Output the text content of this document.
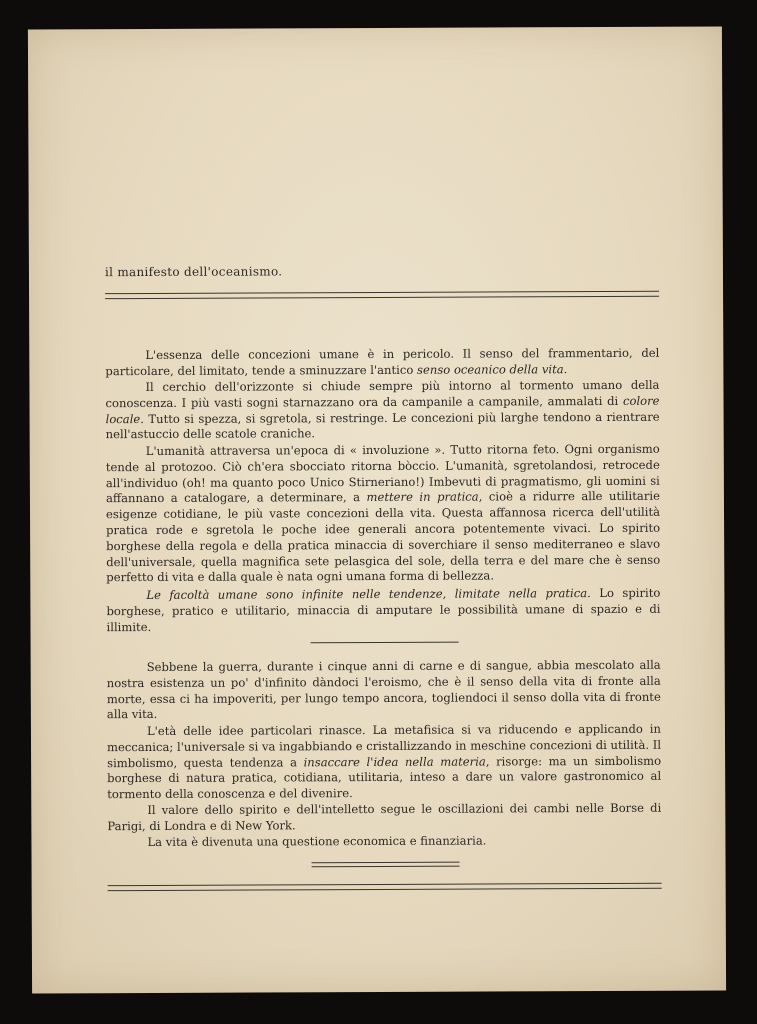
il manifesto dell'oceanismo.

L'essenza delle concezioni umane è in pericolo. Il senso del frammentario, del particolare, del limitato, tende a sminuzzare l'antico senso oceanico della vita.

Il cerchio dell'orizzonte si chiude sempre più intorno al tormento umano della conoscenza. I più vasti sogni starnazzano ora da campanile a campanile, ammalati di colore locale. Tutto si spezza, si sgretola, si restringe. Le concezioni più larghe tendono a rientrare nell'astuccio delle scatole craniche.

L'umanità attraversa un'epoca di « involuzione ». Tutto ritorna feto. Ogni organismo tende al protozoo. Ciò ch'era sbocciato ritorna bòccio. L'umanità, sgretolandosi, retrocede all'individuo (oh! ma quanto poco Unico Stirneriano!) Imbevuti di pragmatismo, gli uomini si affannano a catalogare, a determinare, a mettere in pratica, cioè a ridurre alle utilitarie esigenze cotidiane, le più vaste concezioni della vita. Questa affannosa ricerca dell'utilità pratica rode e sgretola le poche idee generali ancora potentemente vivaci. Lo spirito borghese della regola e della pratica minaccia di soverchiare il senso mediterraneo e slavo dell'universale, quella magnifica sete pelasgica del sole, della terra e del mare che è senso perfetto di vita e dalla quale è nata ogni umana forma di bellezza.

Le facoltà umane sono infinite nelle tendenze, limitate nella pratica. Lo spirito borghese, pratico e utilitario, minaccia di amputare le possibilità umane di spazio e di illimite.

Sebbene la guerra, durante i cinque anni di carne e di sangue, abbia mescolato alla nostra esistenza un po' d'infinito dàndoci l'eroismo, che è il senso della vita di fronte alla morte, essa ci ha impoveriti, per lungo tempo ancora, togliendoci il senso dolla vita di fronte alla vita.

L'età delle idee particolari rinasce. La metafisica si va riducendo e applicando in meccanica; l'universale si va ingabbiando e cristallizzando in meschine concezioni di utilità. Il simbolismo, questa tendenza a insaccare l'idea nella materia, risorge: ma un simbolismo borghese di natura pratica, cotidiana, utilitaria, inteso a dare un valore gastronomico al tormento della conoscenza e del divenire.

Il valore dello spirito e dell'intelletto segue le oscillazioni dei cambi nelle Borse di Parigi, di Londra e di New York.

La vita è divenuta una questione economica e finanziaria.
